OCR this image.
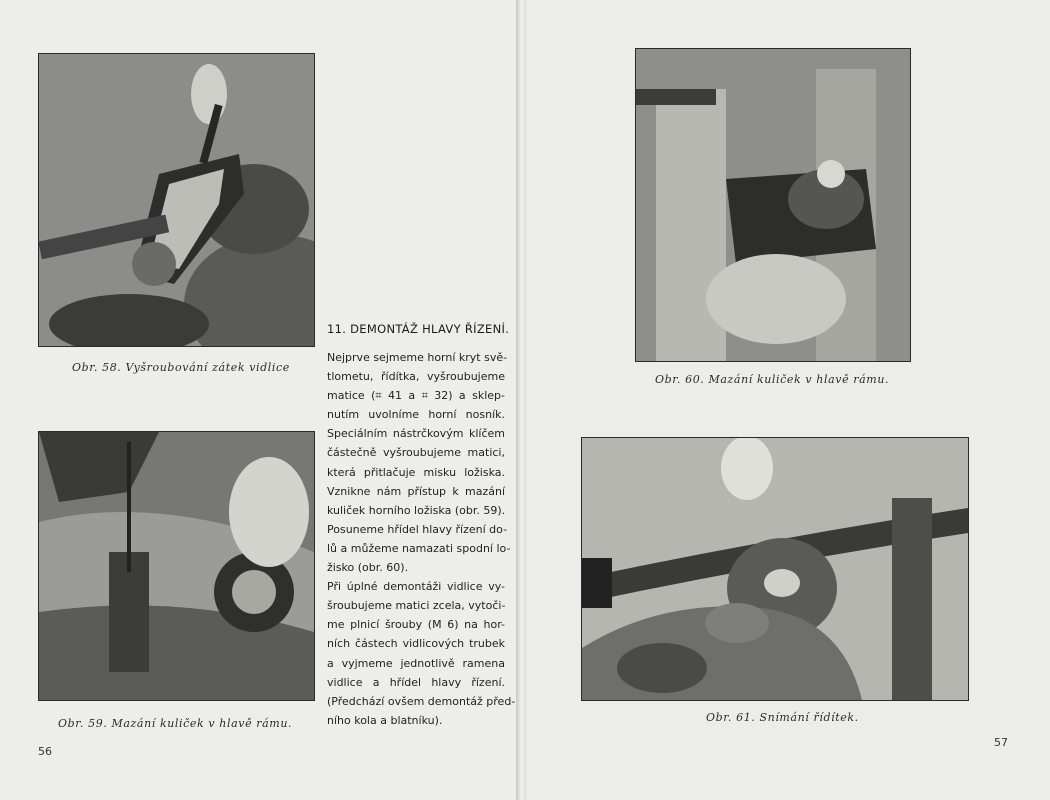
Obr. 58. Vyšroubování zátek vidlice
Obr. 59. Mazání kuliček v hlavě rámu.
11. DEMONTÁŽ HLAVY ŘÍZENÍ.

Nejprve sejmeme horní kryt svě-
tlometu, řídítka, vyšroubujeme
matice (⌗ 41 a ⌗ 32) a sklep-
nutím uvolníme horní nosník.
Speciálním nástrčkovým klíčem
částečně vyšroubujeme matici,
která přitlačuje misku ložiska.
Vznikne nám přístup k mazání
kuliček horního ložiska (obr. 59).
Posuneme hřídel hlavy řízení do-
lů a můžeme namazati spodní lo-
žisko (obr. 60).

Při úplné demontáži vidlice vy-
šroubujeme matici zcela, vytoči-
me plnicí šrouby (M 6) na hor-
ních částech vidlicových trubek
a vyjmeme jednotlivě ramena
vidlice a hřídel hlavy řízení.
(Předchází ovšem demontáž před-
ního kola a blatníku).

56
Obr. 60. Mazání kuliček v hlavě rámu.
Obr. 61. Snímání řídítek.
57
